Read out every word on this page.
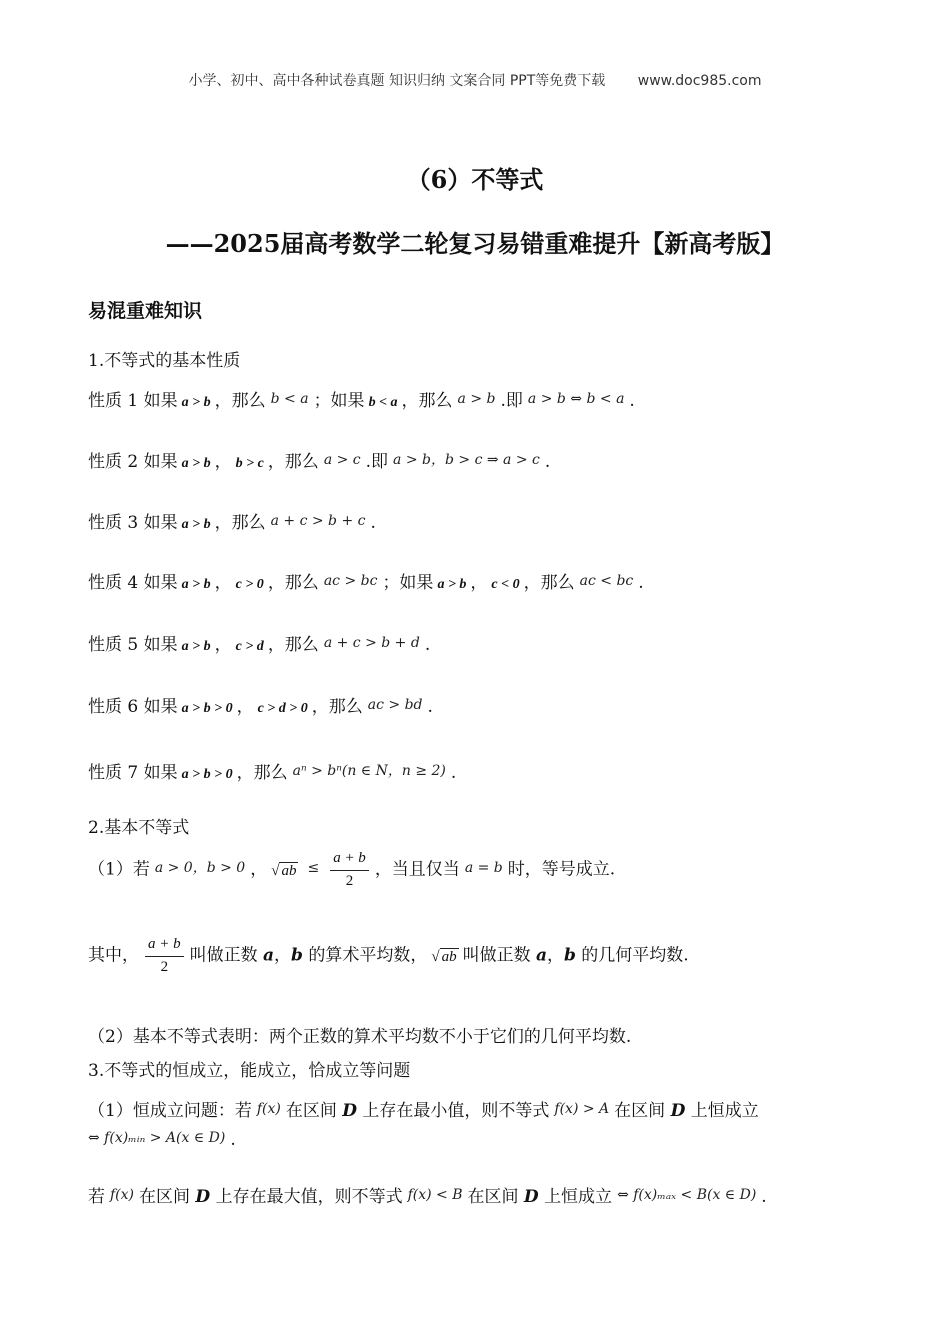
小学、初中、高中各种试卷真题 知识归纳 文案合同 PPT等免费下载 www.doc985.com
（6）不等式
——2025届高考数学二轮复习易错重难提升【新高考版】
易混重难知识
1.不等式的基本性质
性质 1 如果 a > b ，那么 b < a ；如果 b < a ，那么 a > b .即 a > b ⇔ b < a .
性质 2 如果 a > b ， b > c ，那么 a > c .即 a > b，b > c ⇒ a > c .
性质 3 如果 a > b ，那么 a + c > b + c .
性质 4 如果 a > b ， c > 0 ，那么 ac > bc ；如果 a > b ， c < 0 ，那么 ac < bc .
性质 5 如果 a > b ， c > d ，那么 a + c > b + d .
性质 6 如果 a > b > 0 ， c > d > 0 ，那么 ac > bd .
性质 7 如果 a > b > 0 ，那么 aⁿ > bⁿ(n ∈ N，n ≥ 2) .
2.基本不等式
（1）若 a > 0，b > 0 ， √ ab ≤ $\frac{a + b}{2}$ ，当且仅当 a = b 时，等号成立.
其中， $\frac{a + b}{2}$ 叫做正数 a，b 的算术平均数， √ ab 叫做正数 a，b 的几何平均数.
（2）基本不等式表明：两个正数的算术平均数不小于它们的几何平均数.
3.不等式的恒成立，能成立，恰成立等问题
（1）恒成立问题：若 f(x) 在区间 D 上存在最小值，则不等式 f(x) > A 在区间 D 上恒成立
⇔ f(x)ₘᵢₙ > A(x ∈ D) .
若 f(x) 在区间 D 上存在最大值，则不等式 f(x) < B 在区间 D 上恒成立 ⇔ f(x)ₘₐₓ < B(x ∈ D) .
